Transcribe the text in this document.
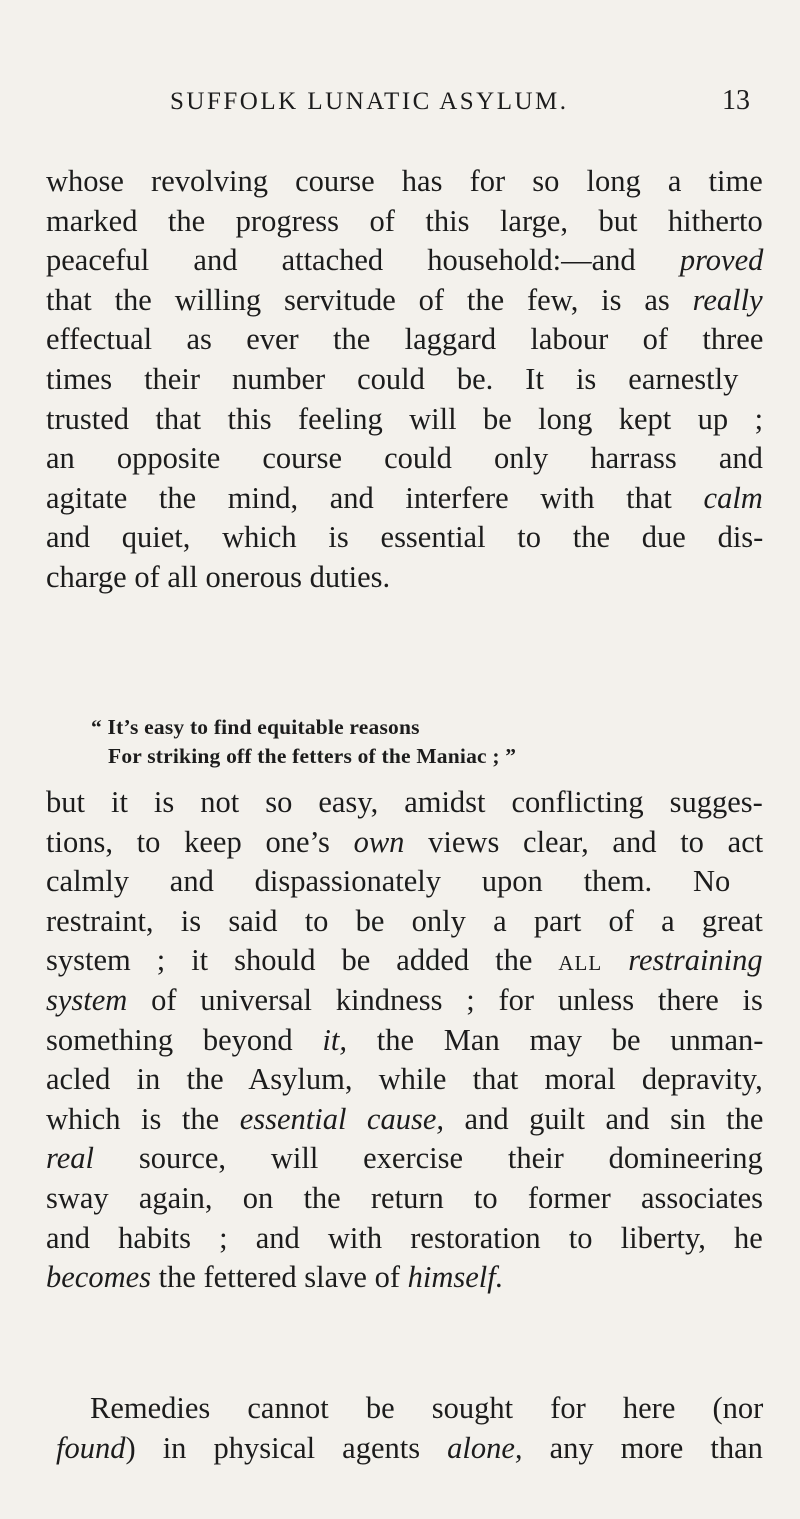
SUFFOLK LUNATIC ASYLUM.	13
whose revolving course has for so long a time
marked the progress of this large, but hitherto
peaceful and attached household:—and proved
that the willing servitude of the few, is as really
effectual as ever the laggard labour of three
times their number could be. It is earnestly
trusted that this feeling will be long kept up ;
an opposite course could only harrass and
agitate the mind, and interfere with that calm
and quiet, which is essential to the due dis-
charge of all onerous duties.
“ It’s easy to find equitable reasons
For striking off the fetters of the Maniac ; ”
but it is not so easy, amidst conflicting sugges-
tions, to keep one’s own views clear, and to act
calmly and dispassionately upon them. No
restraint, is said to be only a part of a great
system ; it should be added the all restraining
system of universal kindness ; for unless there is
something beyond it, the Man may be unman-
acled in the Asylum, while that moral depravity,
which is the essential cause, and guilt and sin the
real source, will exercise their domineering
sway again, on the return to former associates
and habits ; and with restoration to liberty, he
becomes the fettered slave of himself.
Remedies cannot be sought for here (nor
found) in physical agents alone, any more than
